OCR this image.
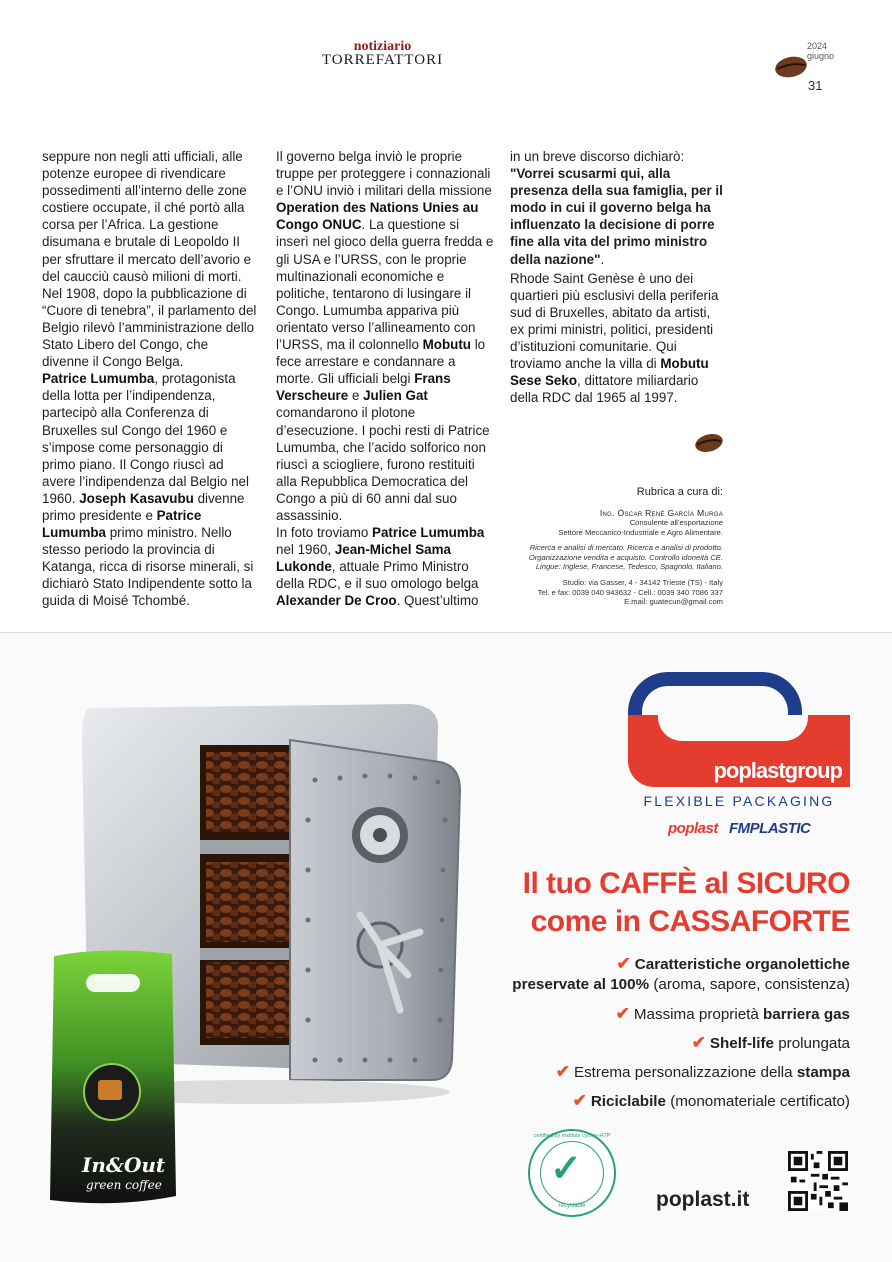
notiziario
TORREFATTORI
2024
giugno
31

seppure non negli atti ufficiali, alle potenze europee di rivendicare possedimenti all’interno delle zone costiere occupate, il ché portò alla corsa per l’Africa. La gestione disumana e brutale di Leopoldo II per sfruttare il mercato dell’avorio e del caucciù causò milioni di morti. Nel 1908, dopo la pubblicazione di “Cuore di tenebra”, il parlamento del Belgio rilevò l’amministrazione dello Stato Libero del Congo, che divenne il Congo Belga.

Patrice Lumumba, protagonista della lotta per l’indipendenza, partecipò alla Conferenza di Bruxelles sul Congo del 1960 e s’impose come personaggio di primo piano. Il Congo riuscì ad avere l’indipendenza dal Belgio nel 1960. Joseph Kasavubu divenne primo presidente e Patrice Lumumba primo ministro. Nello stesso periodo la provincia di Katanga, ricca di risorse minerali, si dichiarò Stato Indipendente sotto la guida di Moisé Tchombé.

Il governo belga inviò le proprie truppe per proteggere i connazionali e l’ONU inviò i militari della missione Operation des Nations Unies au Congo ONUC. La questione si inserì nel gioco della guerra fredda e gli USA e l’URSS, con le proprie multinazionali economiche e politiche, tentarono di lusingare il Congo. Lumumba appariva più orientato verso l’allineamento con l’URSS, ma il colonnello Mobutu lo fece arrestare e condannare a morte. Gli ufficiali belgi Frans Verscheure e Julien Gat comandarono il plotone d’esecuzione. I pochi resti di Patrice Lumumba, che l’acido solforico non riuscì a sciogliere, furono restituiti alla Repubblica Democratica del Congo a più di 60 anni dal suo assassinio.

In foto troviamo Patrice Lumumba nel 1960, Jean-Michel Sama Lukonde, attuale Primo Ministro della RDC, e il suo omologo belga Alexander De Croo. Quest’ultimo

in un breve discorso dichiarò: "Vorrei scusarmi qui, alla presenza della sua famiglia, per il modo in cui il governo belga ha influenzato la decisione di porre fine alla vita del primo ministro della nazione".

Rhode Saint Genèse è uno dei quartieri più esclusivi della periferia sud di Bruxelles, abitato da artisti, ex primi ministri, politici, presidenti d’istituzioni comunitarie. Qui troviamo anche la villa di Mobutu Sese Seko, dittatore miliardario della RDC dal 1965 al 1997.

Rubrica a cura di:
Ing. Óscar René García Murga
Consulente all’esportazione
Settore Meccanico-Industriale e Agro Alimentare.
Ricerca e analisi di mercato. Ricerca e analisi di prodotto.
Organizzazione vendita e acquisto. Controllo idoneità CE.
Lingue: Inglese, Francese, Tedesco, Spagnolo, Italiano.
Studio: via Gasser, 4 - 34142 Trieste (TS) - Italy
Tel. e fax: 0039 040 943632 - Cell.: 0039 340 7086 337
E.mail: guatecun@gmail.com
poplast
In&Out
green coffee
poplastgroup
FLEXIBLE PACKAGING
poplast FMPLASTIC
Il tuo CAFFÈ al SICURO
come in CASSAFORTE
✔ Caratteristiche organolettiche
preservate al 100% (aroma, sapore, consistenza)
✔ Massima proprietà barriera gas
✔ Shelf-life prolungata
✔ Estrema personalizzazione della stampa
✔ Riciclabile (monomateriale certificato)
certified by institute cyclos-HTP
✓
recyclable	poplast.it
